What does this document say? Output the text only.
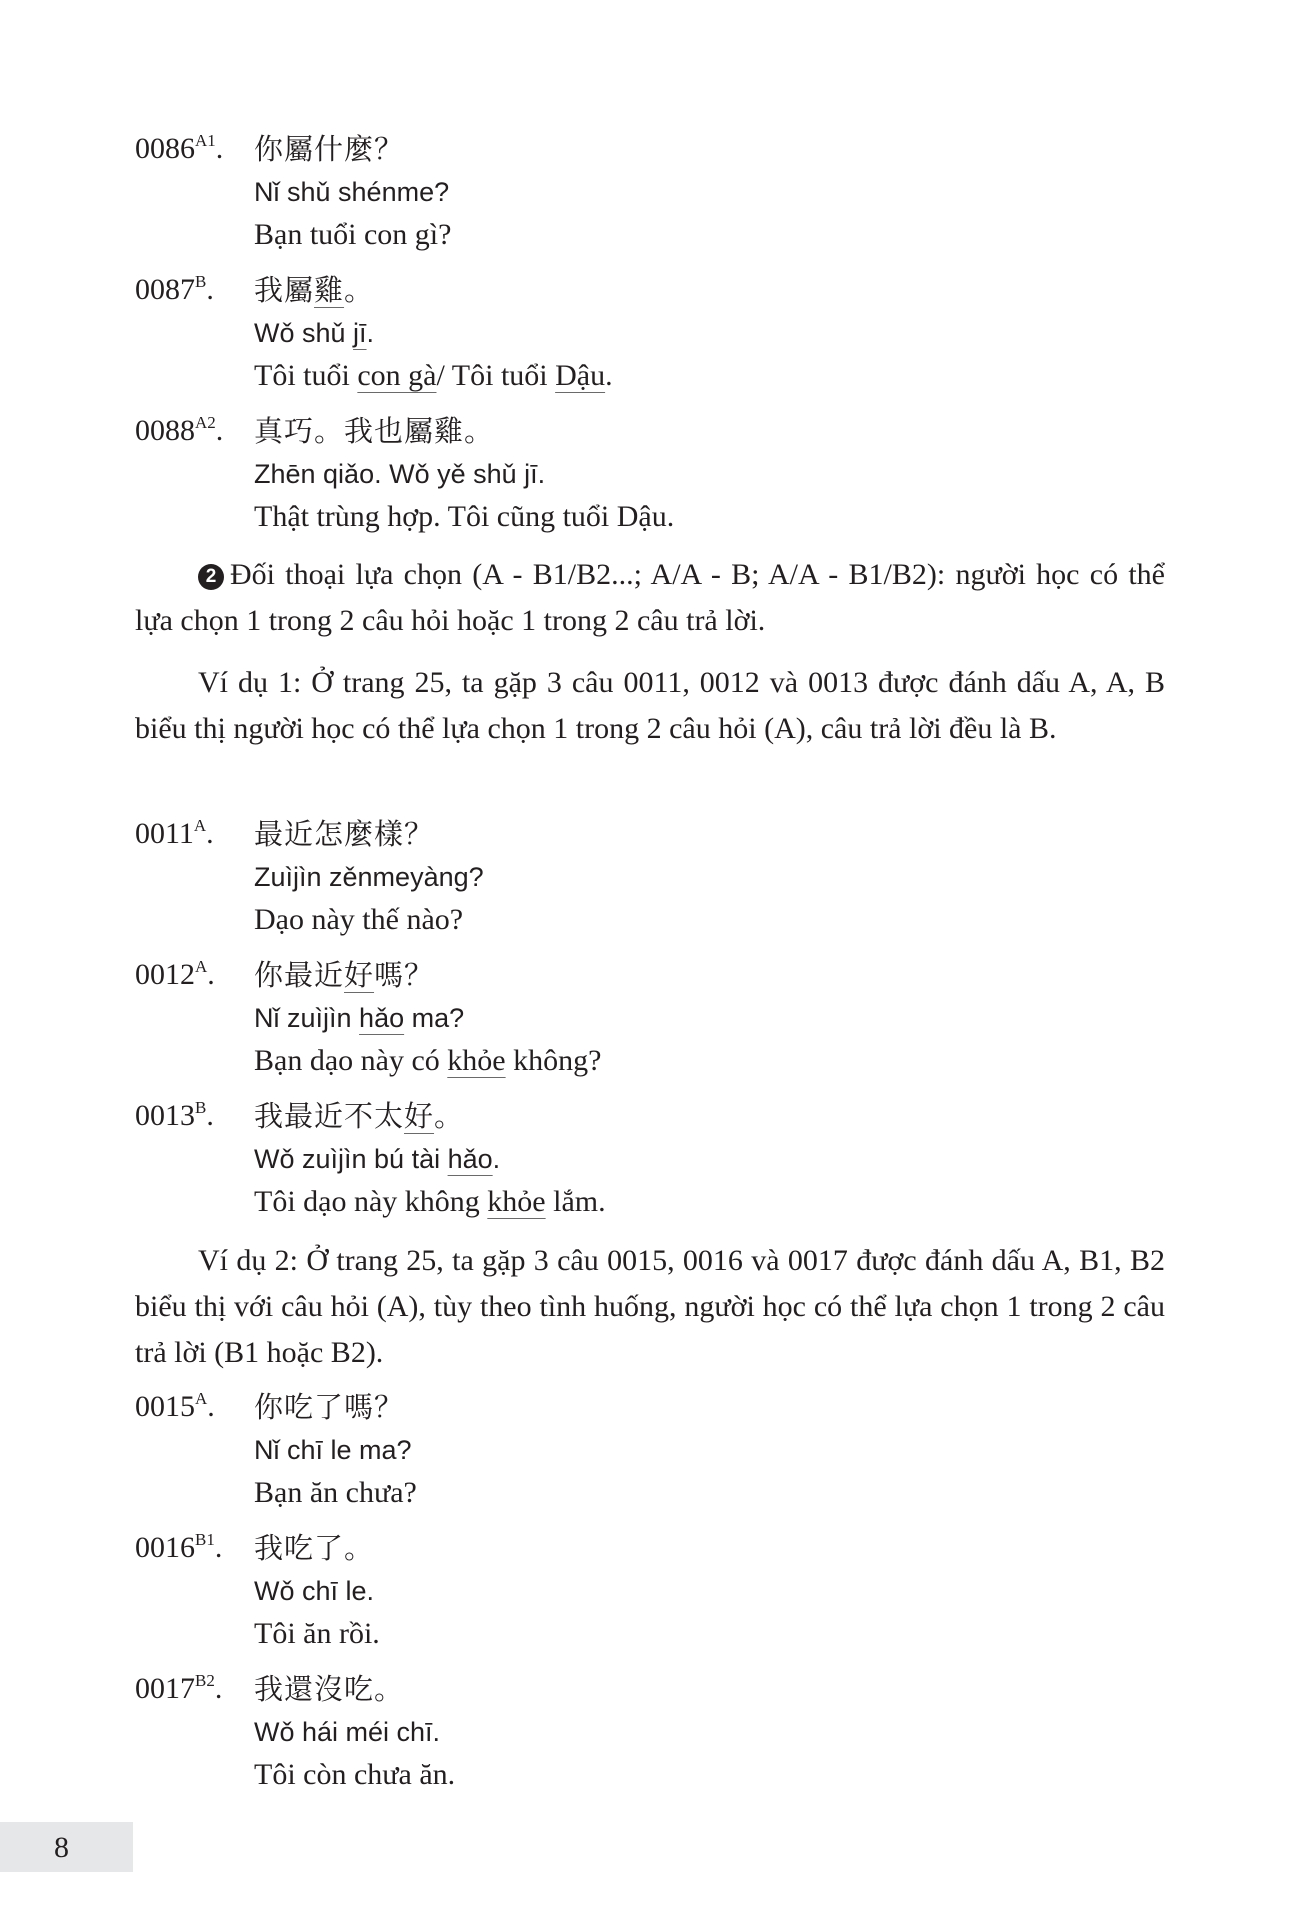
$0086^{A1}$. 你屬什麼？
Nǐ shǔ shénme?
Bạn tuổi con gì?
$0087^B$. 我屬雞。
Wǒ shǔ jī.
Tôi tuổi con gà/ Tôi tuổi Dậu.
$0088^{A2}$. 真巧。我也屬雞。
Zhēn qiǎo. Wǒ yě shǔ jī.
Thật trùng hợp. Tôi cũng tuổi Dậu.
2 Đối thoại lựa chọn (A - B1/B2...; A/A - B; A/A - B1/B2): người học có thể lựa chọn 1 trong 2 câu hỏi hoặc 1 trong 2 câu trả lời.
Ví dụ 1: Ở trang 25, ta gặp 3 câu 0011, 0012 và 0013 được đánh dấu A, A, B biểu thị người học có thể lựa chọn 1 trong 2 câu hỏi (A), câu trả lời đều là B.
$0011^A$. 最近怎麼樣？
Zuìjìn zěnmeyàng?
Dạo này thế nào?
$0012^A$. 你最近好嗎？
Nǐ zuìjìn hǎo ma?
Bạn dạo này có khỏe không?
$0013^B$. 我最近不太好。
Wǒ zuìjìn bú tài hǎo.
Tôi dạo này không khỏe lắm.
Ví dụ 2: Ở trang 25, ta gặp 3 câu 0015, 0016 và 0017 được đánh dấu A, B1, B2 biểu thị với câu hỏi (A), tùy theo tình huống, người học có thể lựa chọn 1 trong 2 câu trả lời (B1 hoặc B2).
$0015^A$. 你吃了嗎？
Nǐ chī le ma?
Bạn ăn chưa?
$0016^{B1}$. 我吃了。
Wǒ chī le.
Tôi ăn rồi.
$0017^{B2}$. 我還沒吃。
Wǒ hái méi chī.
Tôi còn chưa ăn.
8
